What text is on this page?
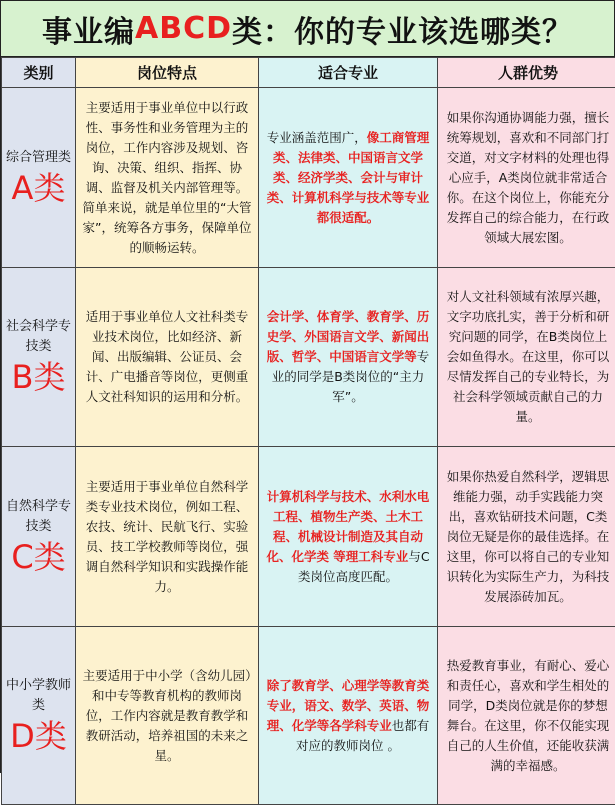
事业编 ABCD 类：你的专业该选哪类？
类别	岗位特点	适合专业	人群优势

综合管理类
A类	主要适用于事业单位中以行政性、事务性和业务管理为主的岗位，工作内容涉及规划、咨询、决策、组织、指挥、协调、监督及机关内部管理等。简单来说，就是单位里的“大管家”，统筹各方事务，保障单位的顺畅运转。	专业涵盖范围广，像工商管理类、法律类、中国语言文学类、经济学类、会计与审计类、计算机科学与技术等专业都很适配。	如果你沟通协调能力强，擅长统筹规划，喜欢和不同部门打交道，对文字材料的处理也得心应手，A类岗位就非常适合你。在这个岗位上，你能充分发挥自己的综合能力，在行政领域大展宏图。

社会科学专技类
B类	适用于事业单位人文社科类专业技术岗位，比如经济、新闻、出版编辑、公证员、会计、广电播音等岗位，更侧重人文社科知识的运用和分析。	会计学、体育学、教育学、历史学、外国语言文学、新闻出版、哲学、中国语言文学等专业的同学是B类岗位的“主力军”。	对人文社科领域有浓厚兴趣，文字功底扎实，善于分析和研究问题的同学，在B类岗位上会如鱼得水。在这里，你可以尽情发挥自己的专业特长，为社会科学领域贡献自己的力量。

自然科学专技类
C类	主要适用于事业单位自然科学类专业技术岗位，例如工程、农技、统计、民航飞行、实验员、技工学校教师等岗位，强调自然科学知识和实践操作能力。	计算机科学与技术、水利水电工程、植物生产类、土木工程、机械设计制造及其自动化、化学类 等理工科专业与C类岗位高度匹配。	如果你热爱自然科学，逻辑思维能力强，动手实践能力突出，喜欢钻研技术问题，C类岗位无疑是你的最佳选择。在这里，你可以将自己的专业知识转化为实际生产力，为科技发展添砖加瓦。

中小学教师类
D类	主要适用于中小学（含幼儿园）和中专等教育机构的教师岗位，工作内容就是教育教学和教研活动，培养祖国的未来之星。	除了教育学、心理学等教育类专业，语文、数学、英语、物理、化学等各学科专业也都有对应的教师岗位 。	热爱教育事业，有耐心、爱心和责任心，喜欢和学生相处的同学，D类岗位就是你的梦想舞台。在这里，你不仅能实现自己的人生价值，还能收获满满的幸福感。
